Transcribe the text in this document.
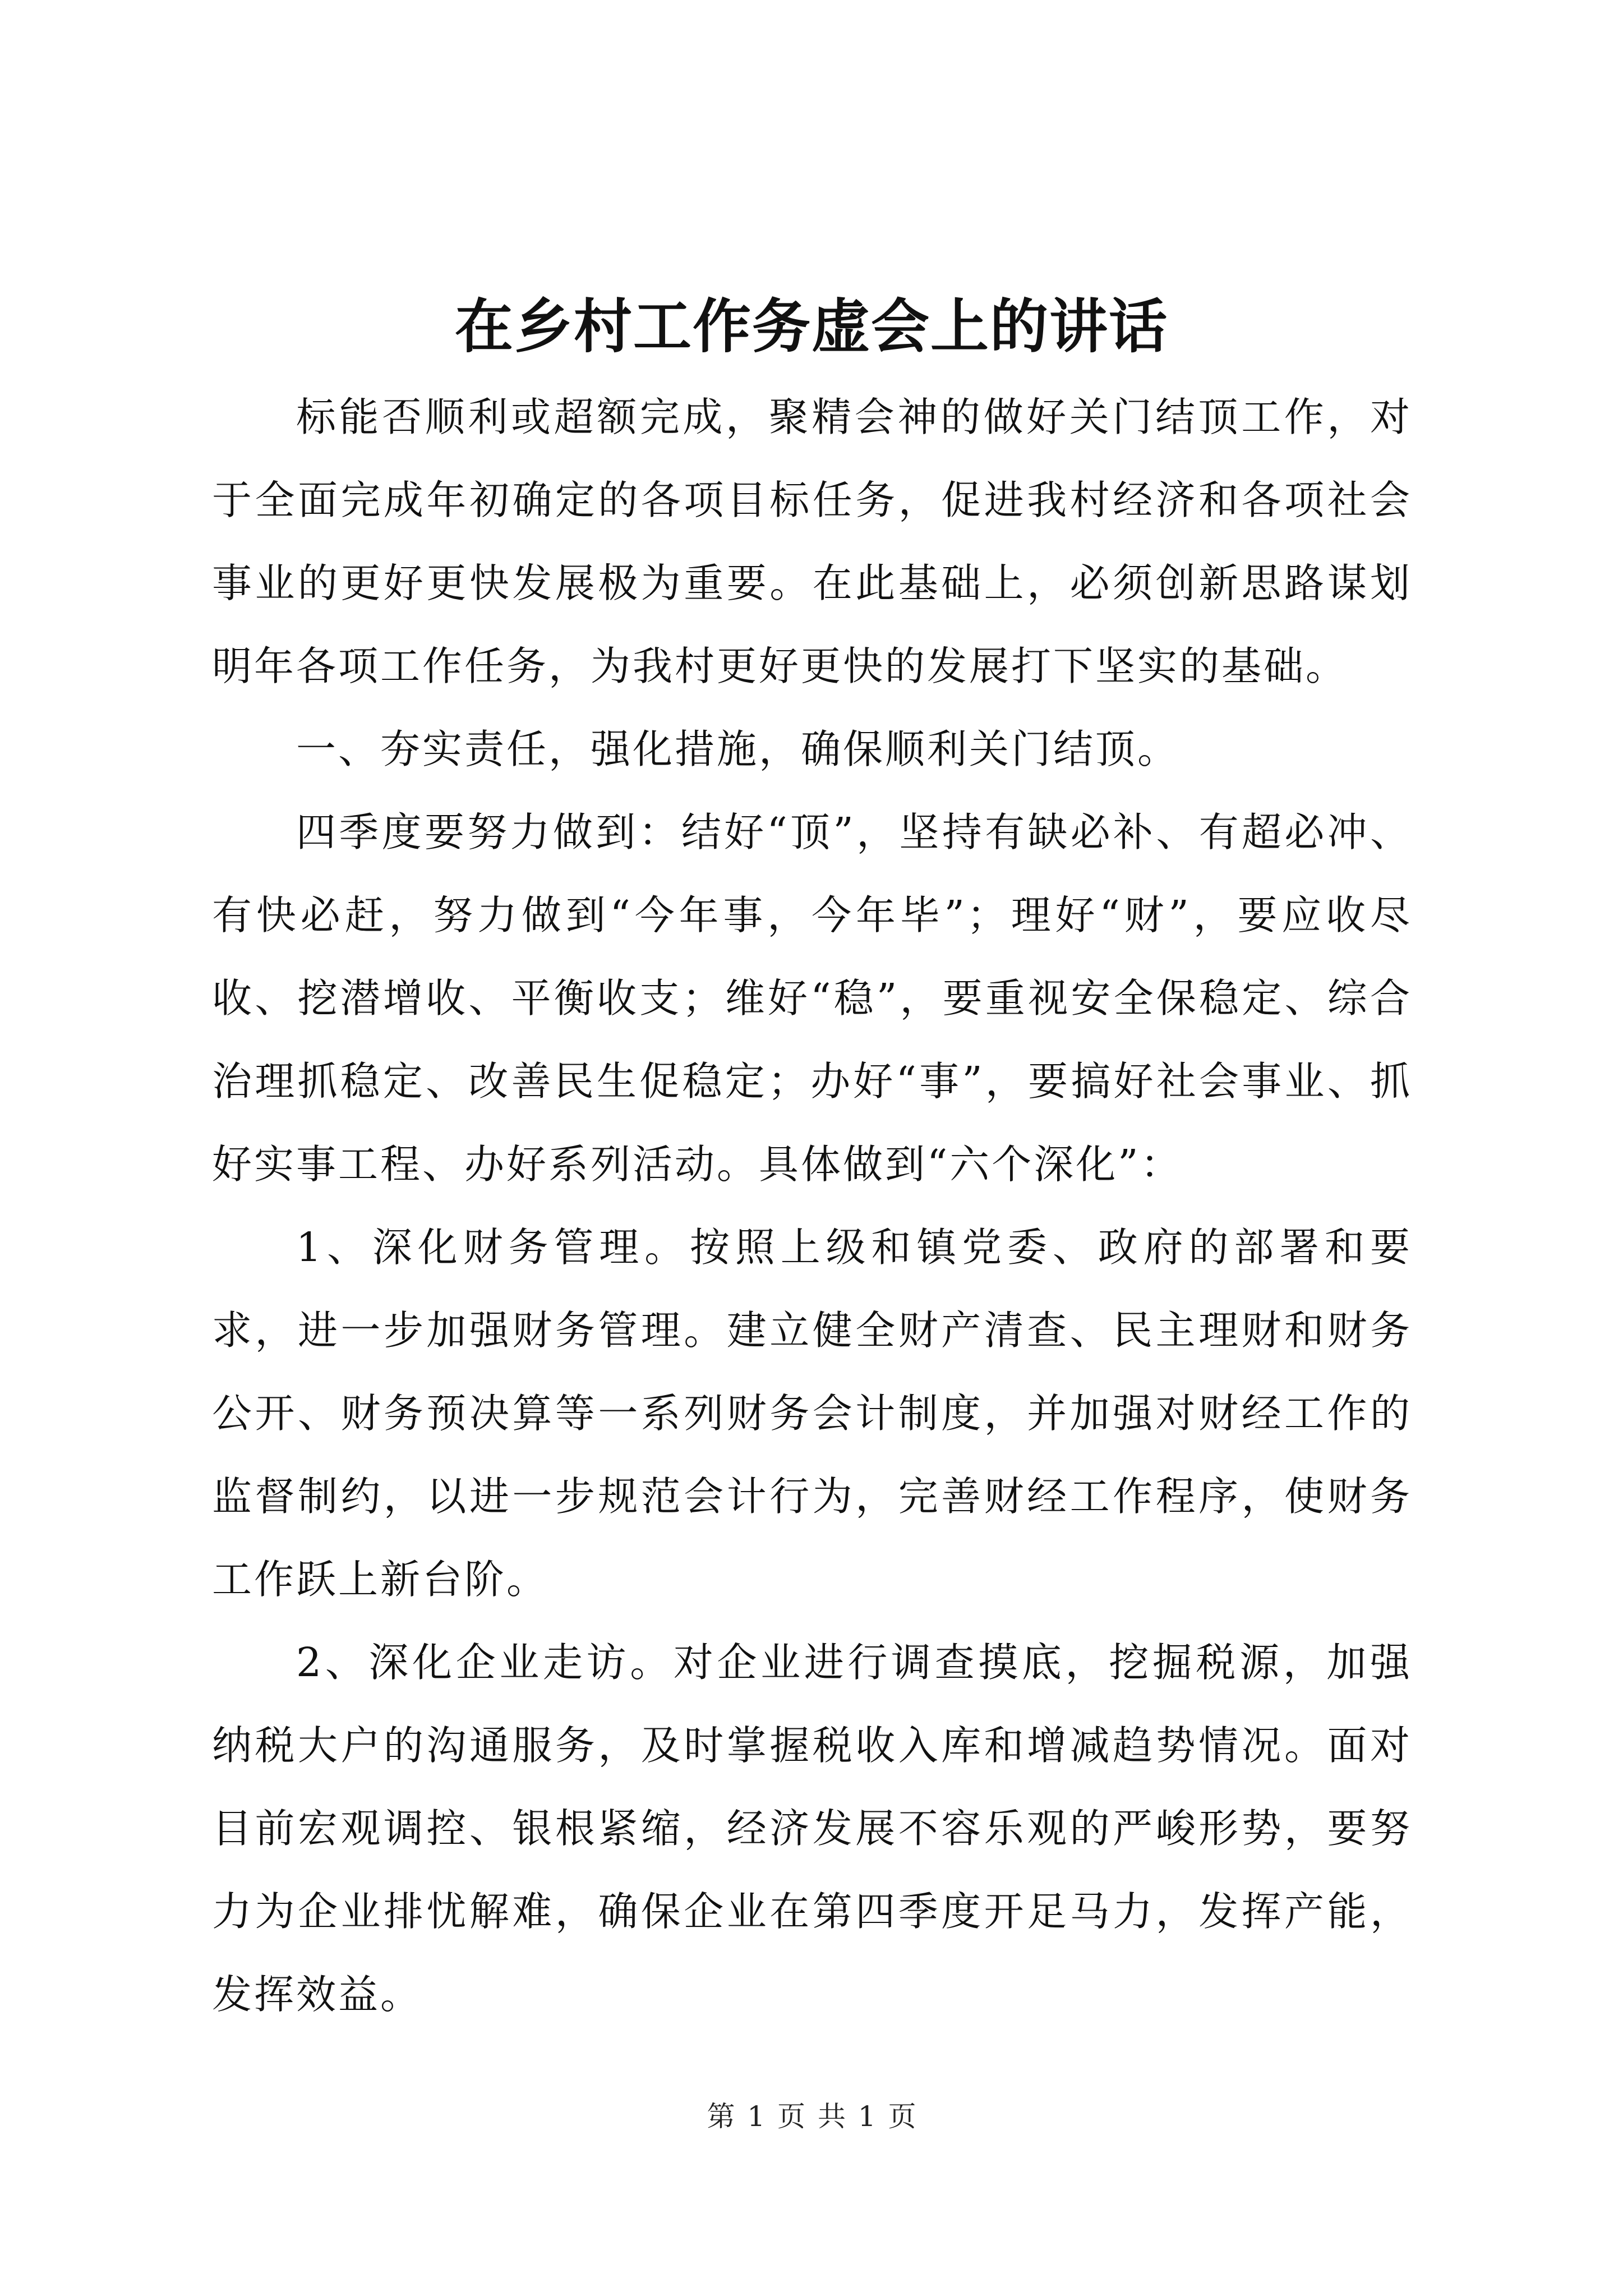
在乡村工作务虚会上的讲话

标能否顺利或超额完成，聚精会神的做好关门结顶工作，对于全面完成年初确定的各项目标任务，促进我村经济和各项社会事业的更好更快发展极为重要。在此基础上，必须创新思路谋划明年各项工作任务，为我村更好更快的发展打下坚实的基础。

一、夯实责任，强化措施，确保顺利关门结顶。

四季度要努力做到：结好“顶”，坚持有缺必补、有超必冲、有快必赶，努力做到“今年事，今年毕”；理好“财”，要应收尽收、挖潜增收、平衡收支；维好“稳”，要重视安全保稳定、综合治理抓稳定、改善民生促稳定；办好“事”，要搞好社会事业、抓好实事工程、办好系列活动。具体做到“六个深化”：

1、深化财务管理。按照上级和镇党委、政府的部署和要求，进一步加强财务管理。建立健全财产清查、民主理财和财务公开、财务预决算等一系列财务会计制度，并加强对财经工作的监督制约，以进一步规范会计行为，完善财经工作程序，使财务工作跃上新台阶。

2、深化企业走访。对企业进行调查摸底，挖掘税源，加强纳税大户的沟通服务，及时掌握税收入库和增减趋势情况。面对目前宏观调控、银根紧缩，经济发展不容乐观的严峻形势，要努力为企业排忧解难，确保企业在第四季度开足马力，发挥产能，发挥效益。

第 1 页 共 1 页
